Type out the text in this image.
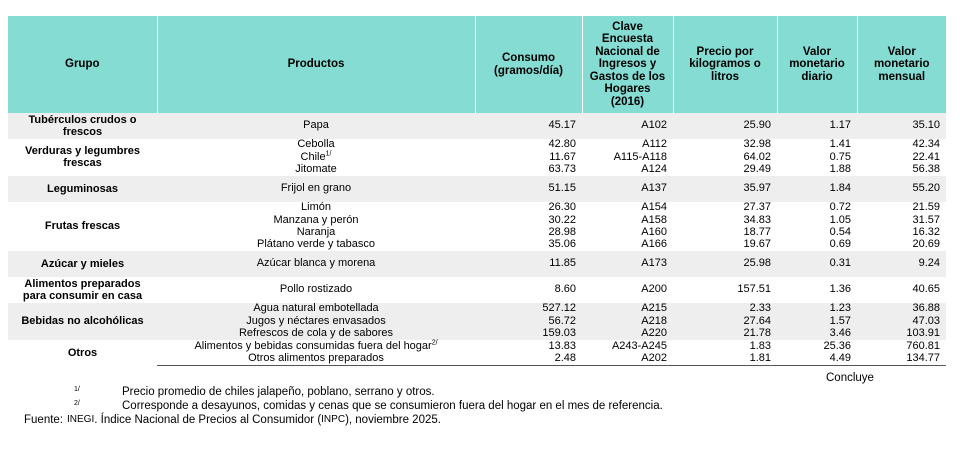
Grupo	Productos	Consumo (gramos/día)	Clave Encuesta Nacional de Ingresos y Gastos de los Hogares (2016)	Precio por kilogramos o litros	Valor monetario diario	Valor monetario mensual
Tubérculos crudos o frescos	Papa	45.17	A102	25.90	1.17	35.10
Verduras y legumbres frescas	Cebolla	42.80	A112	32.98	1.41	42.34
	Chile$^{1/}$	11.67	A115-A118	64.02	0.75	22.41
	Jitomate	63.73	A124	29.49	1.88	56.38
Leguminosas	Frijol en grano	51.15	A137	35.97	1.84	55.20
Frutas frescas	Limón	26.30	A154	27.37	0.72	21.59
	Manzana y perón	30.22	A158	34.83	1.05	31.57
	Naranja	28.98	A160	18.77	0.54	16.32
	Plátano verde y tabasco	35.06	A166	19.67	0.69	20.69
Azúcar y mieles	Azúcar blanca y morena	11.85	A173	25.98	0.31	9.24
Alimentos preparados para consumir en casa	Pollo rostizado	8.60	A200	157.51	1.36	40.65
Bebidas no alcohólicas	Agua natural embotellada	527.12	A215	2.33	1.23	36.88
	Jugos y néctares envasados	56.72	A218	27.64	1.57	47.03
	Refrescos de cola y de sabores	159.03	A220	21.78	3.46	103.91
Otros	Alimentos y bebidas consumidas fuera del hogar$^{2/}$	13.83	A243-A245	1.83	25.36	760.81
	Otros alimentos preparados	2.48	A202	1.81	4.49	134.77
Concluye
1/	Precio promedio de chiles jalapeño, poblano, serrano y otros.
2/	Corresponde a desayunos, comidas y cenas que se consumieron fuera del hogar en el mes de referencia.
Fuente: INEGI . Índice Nacional de Precios al Consumidor ( INPC ), noviembre 2025.
